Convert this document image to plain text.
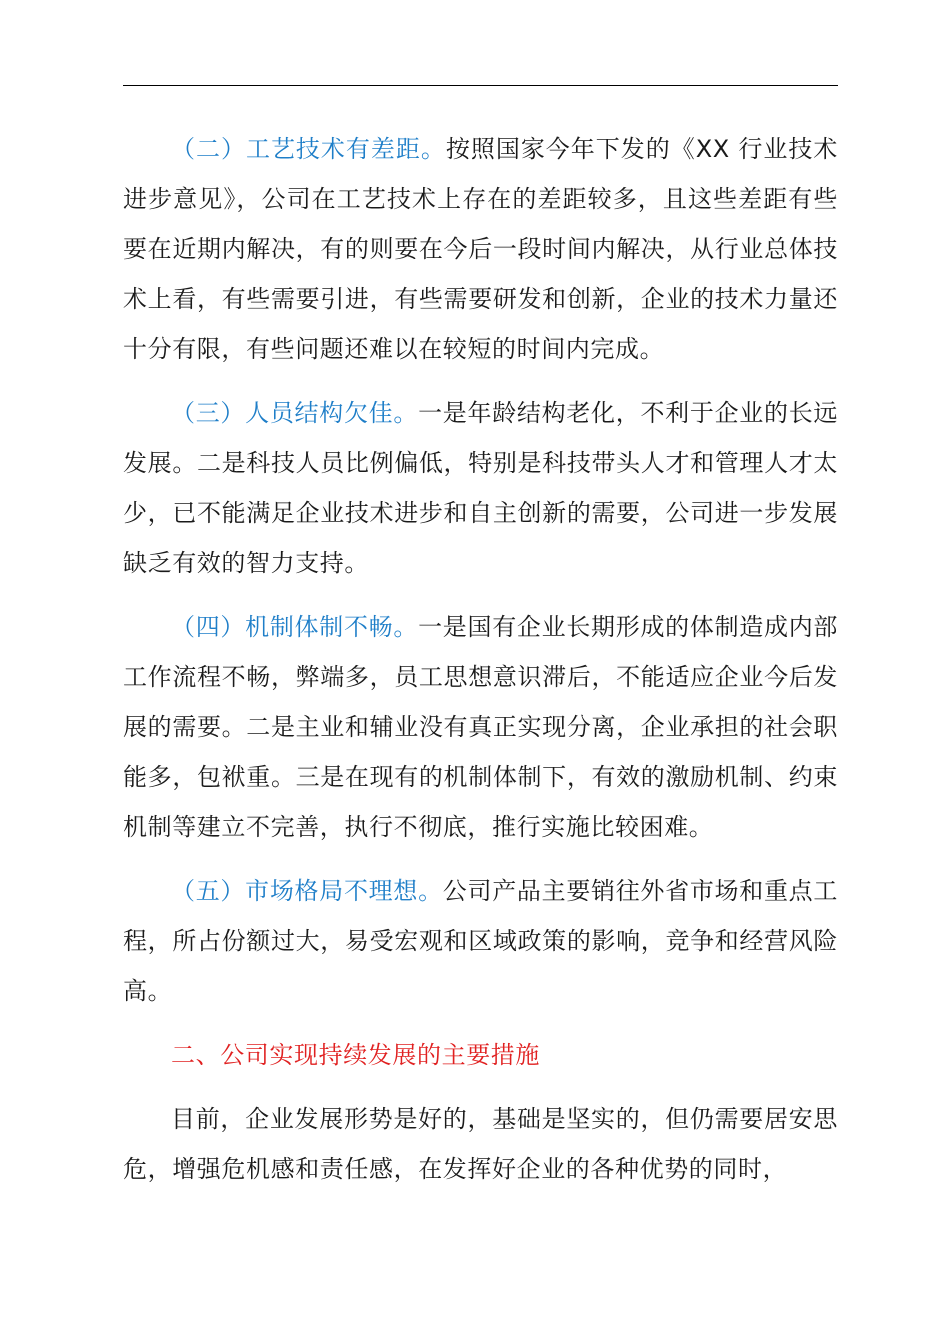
（二）工艺技术有差距。按照国家今年下发的《XX 行业技术进步意见》，公司在工艺技术上存在的差距较多，且这些差距有些要在近期内解决，有的则要在今后一段时间内解决，从行业总体技术上看，有些需要引进，有些需要研发和创新，企业的技术力量还十分有限，有些问题还难以在较短的时间内完成。

（三）人员结构欠佳。一是年龄结构老化，不利于企业的长远发展。二是科技人员比例偏低，特别是科技带头人才和管理人才太少，已不能满足企业技术进步和自主创新的需要，公司进一步发展缺乏有效的智力支持。

（四）机制体制不畅。一是国有企业长期形成的体制造成内部工作流程不畅，弊端多，员工思想意识滞后，不能适应企业今后发展的需要。二是主业和辅业没有真正实现分离，企业承担的社会职能多，包袱重。三是在现有的机制体制下，有效的激励机制、约束机制等建立不完善，执行不彻底，推行实施比较困难。

（五）市场格局不理想。公司产品主要销往外省市场和重点工程，所占份额过大，易受宏观和区域政策的影响，竞争和经营风险高。

二、公司实现持续发展的主要措施

目前，企业发展形势是好的，基础是坚实的，但仍需要居安思危，增强危机感和责任感，在发挥好企业的各种优势的同时，
